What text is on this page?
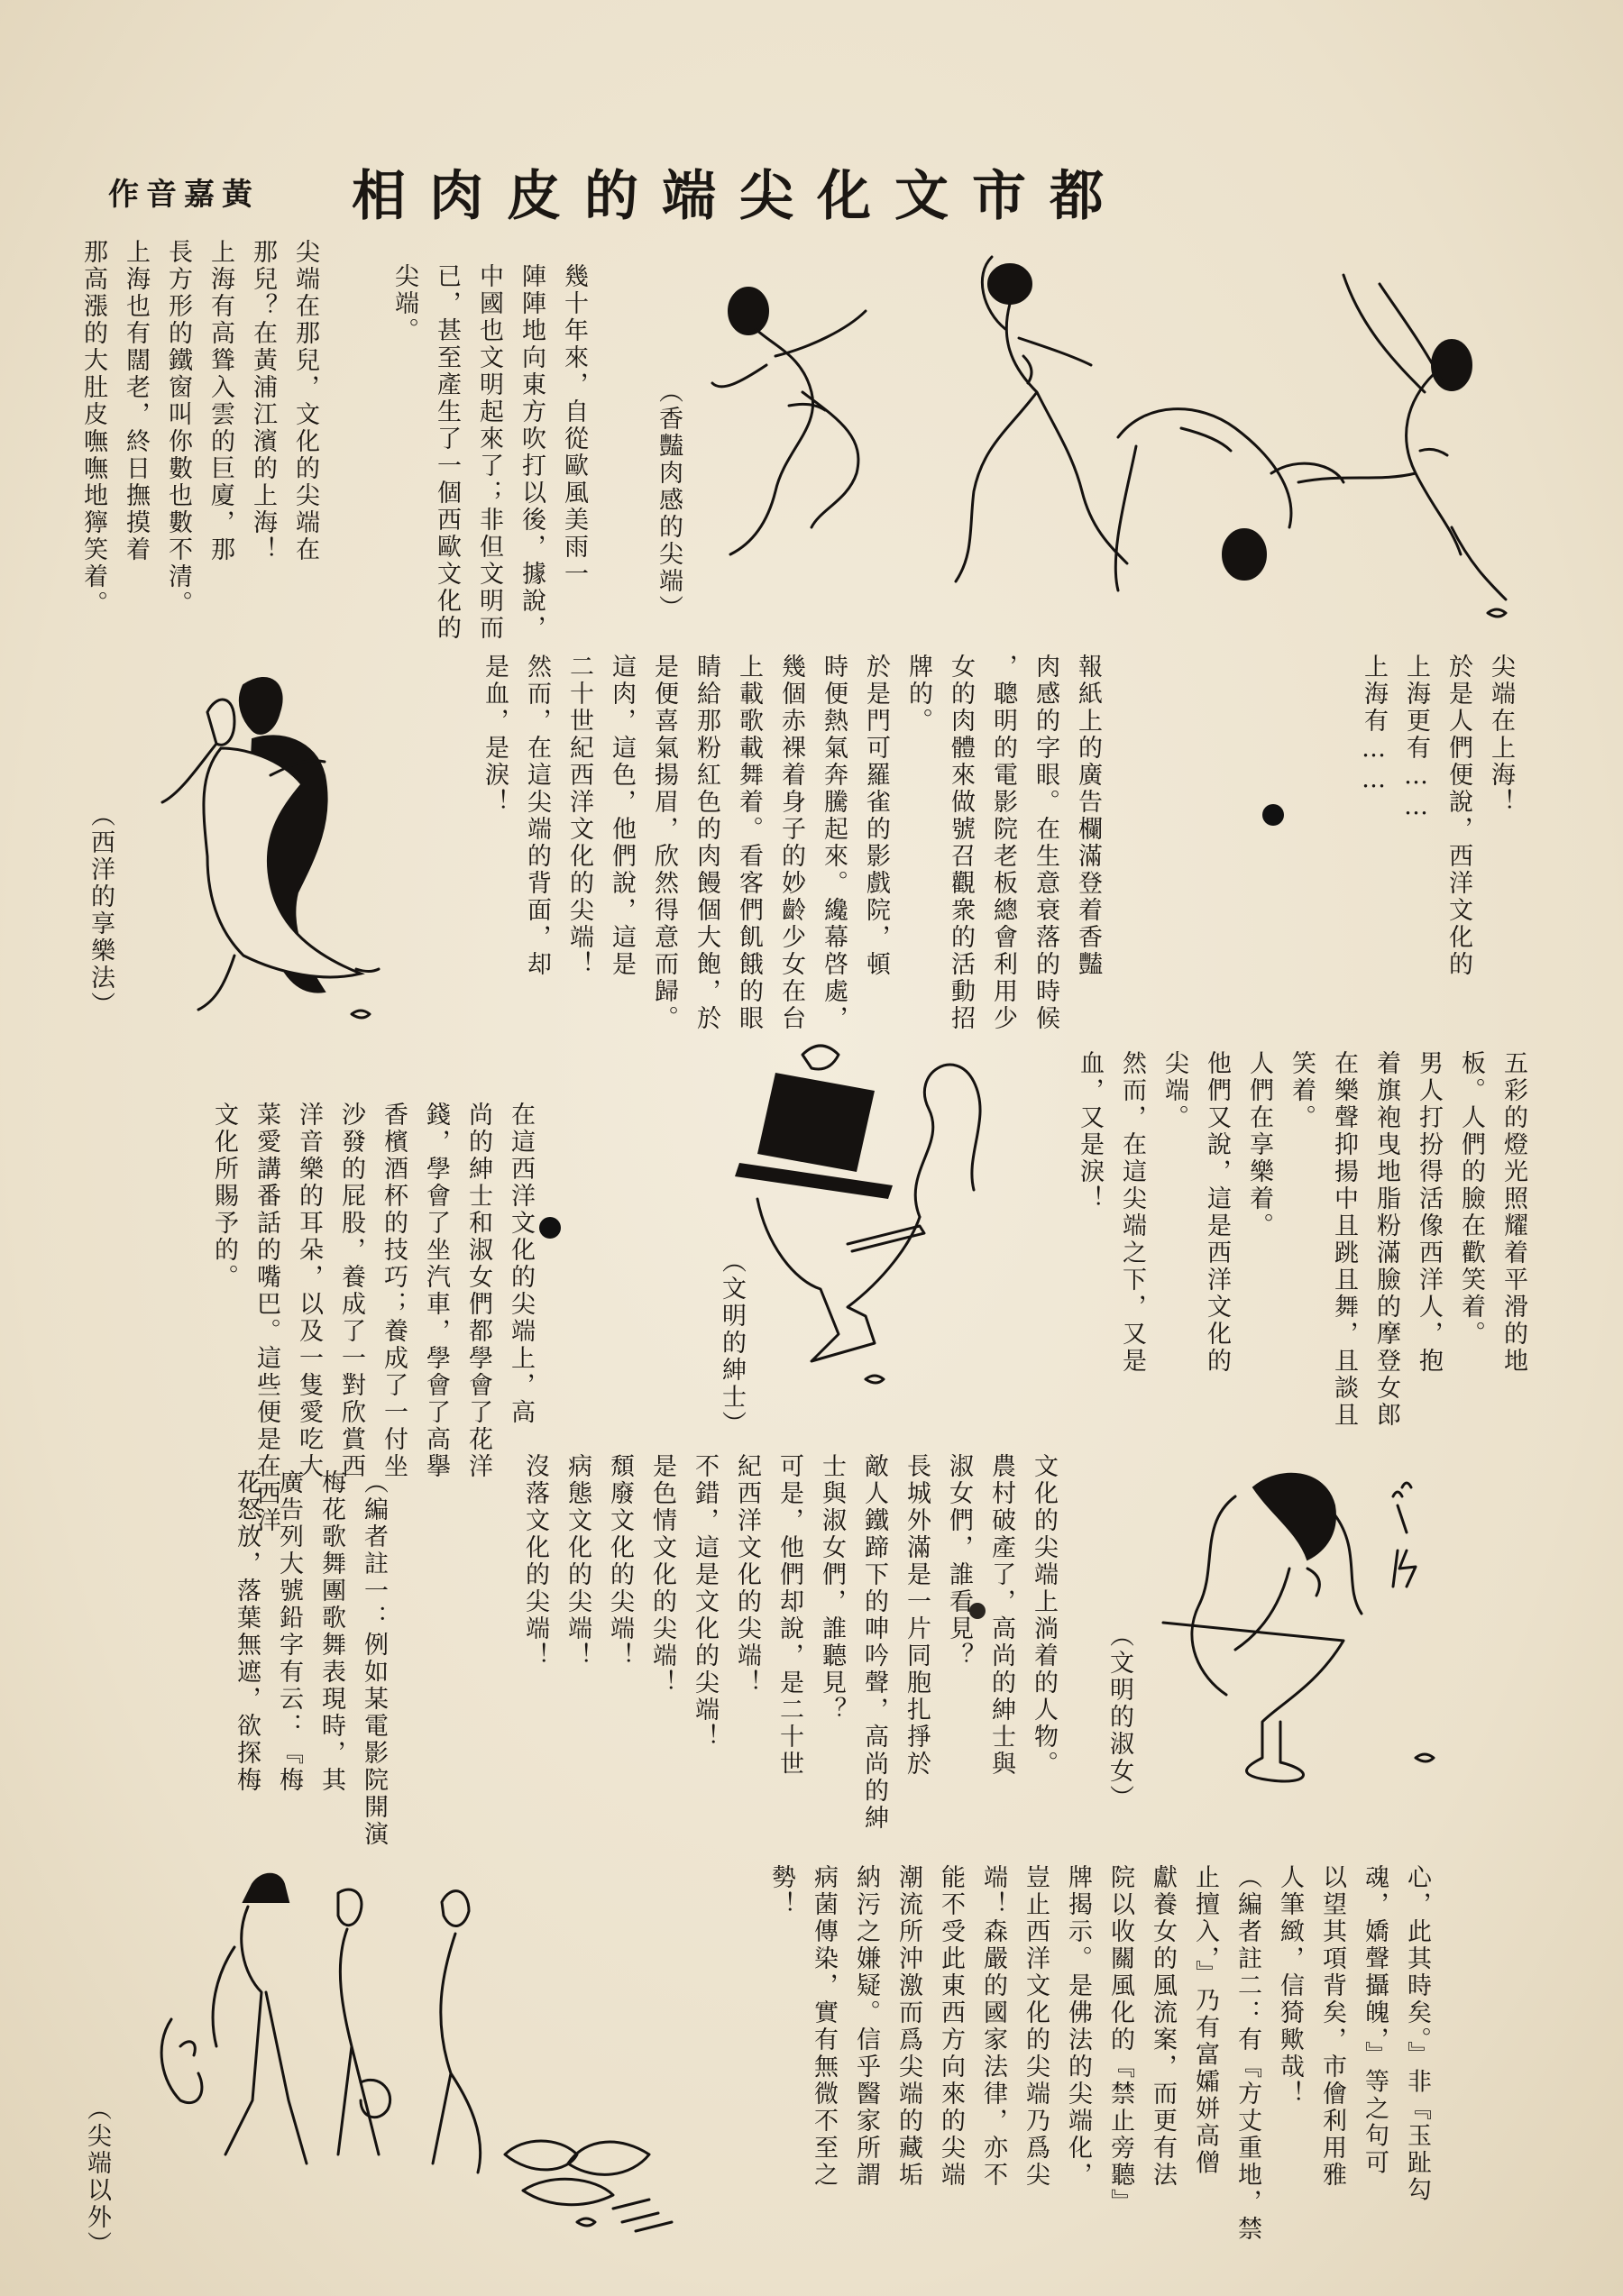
都市文化尖端的皮肉相
黃嘉音作
（香豔肉感的尖端）
（西洋的享樂法）
（文明的紳士）
（文明的淑女）
（尖端以外）
尖端在上海！
於是人們便說，西洋文化的
上海更有……
上海有……
幾十年來，自從歐風美雨一
陣陣地向東方吹打以後，據說，
中國也文明起來了；非但文明而
已，甚至產生了一個西歐文化的
尖端。
尖端在那兒，文化的尖端在
那兒？在黃浦江濱的上海！
上海有高聳入雲的巨廈，那
長方形的鐵窗叫你數也數不清。
上海也有闊老，終日撫摸着
那高漲的大肚皮嘸嘸地獰笑着。
報紙上的廣告欄滿登着香豔
肉感的字眼。在生意衰落的時候
，聰明的電影院老板總會利用少
女的肉體來做號召觀衆的活動招
牌的。
於是門可羅雀的影戲院，頓
時便熱氣奔騰起來。纔幕啓處，
幾個赤裸着身子的妙齡少女在台
上載歌載舞着。看客們飢餓的眼
睛給那粉紅色的肉饅個大飽，於
是便喜氣揚眉，欣然得意而歸。
這肉，這色，他們說，這是
二十世紀西洋文化的尖端！
然而，在這尖端的背面，却
是血，是淚！
五彩的燈光照耀着平滑的地
板。人們的臉在歡笑着。
男人打扮得活像西洋人，抱
着旗袍曳地脂粉滿臉的摩登女郎
在樂聲抑揚中且跳且舞，且談且
笑着。
人們在享樂着。
他們又說，這是西洋文化的
尖端。
然而，在這尖端之下，又是
血，又是淚！
在這西洋文化的尖端上，高
尚的紳士和淑女們都學會了花洋
錢，學會了坐汽車，學會了高擧
香檳酒杯的技巧；養成了一付坐
沙發的屁股，養成了一對欣賞西
洋音樂的耳朵，以及一隻愛吃大
菜愛講番話的嘴巴。這些便是在西洋
文化所賜予的。
文化的尖端上淌着的人物。
農村破產了，高尚的紳士與
淑女們，誰看見？
長城外滿是一片同胞扎掙於
敵人鐵蹄下的呻吟聲，高尚的紳
士與淑女們，誰聽見？
可是，他們却說，是二十世
紀西洋文化的尖端！
不錯，這是文化的尖端！
是色情文化的尖端！
頹廢文化的尖端！
病態文化的尖端！
沒落文化的尖端！
（編者註一：例如某電影院開演
梅花歌舞團歌舞表現時，其
廣告列大號鉛字有云：『梅
花怒放，落葉無遮，欲探梅
心，此其時矣。』非『玉趾勾
魂，嬌聲攝魄，』等之句可
以望其項背矣，市儈利用雅
人筆緻，信猗歟哉！
（編者註二：有『方丈重地，禁
止擅入，』乃有富孀姘高僧
獻養女的風流案，而更有法
院以收關風化的『禁止旁聽』
牌揭示。是佛法的尖端化，
豈止西洋文化的尖端乃爲尖
端！森嚴的國家法律，亦不
能不受此東西方向來的尖端
潮流所沖激而爲尖端的藏垢
納污之嫌疑。信乎醫家所謂
病菌傳染，實有無微不至之
勢！
